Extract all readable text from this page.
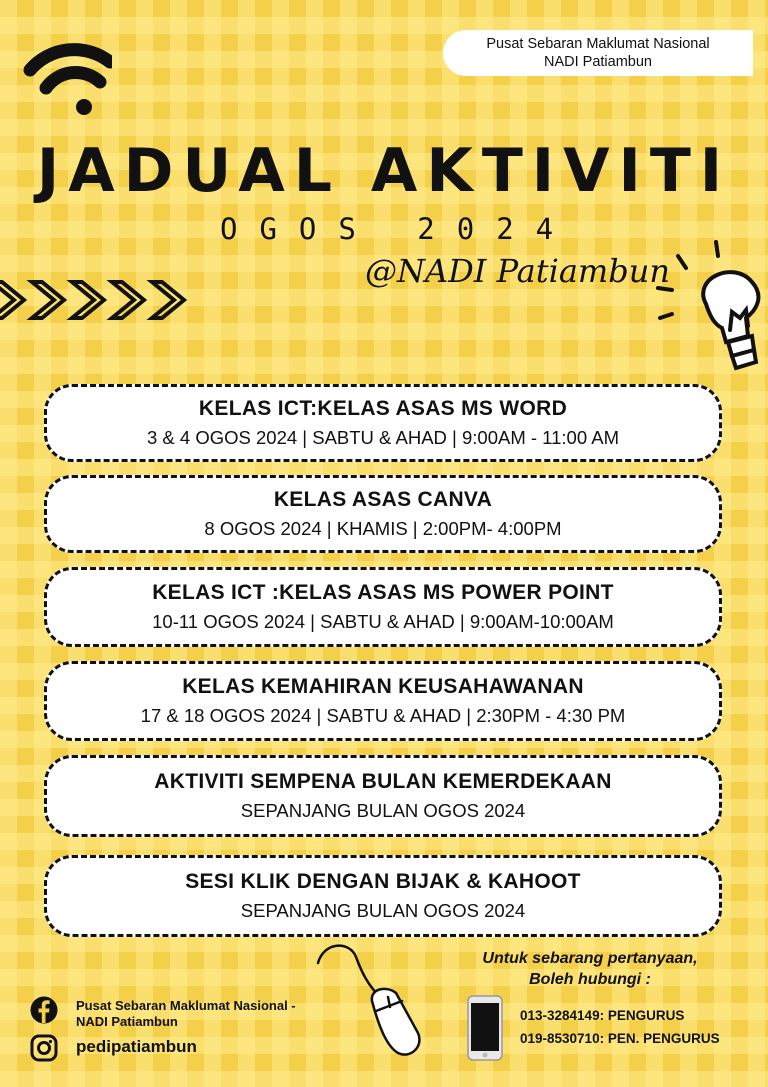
Pusat Sebaran Maklumat Nasional
NADI Patiambun
JADUAL AKTIVITI
OGOS 2024
@NADI Patiambun
KELAS ICT:KELAS ASAS MS WORD
3 & 4 OGOS 2024 | SABTU & AHAD | 9:00AM - 11:00 AM
KELAS ASAS CANVA
8 OGOS 2024 | KHAMIS | 2:00PM- 4:00PM
KELAS ICT :KELAS ASAS MS POWER POINT
10-11 OGOS 2024 | SABTU & AHAD | 9:00AM-10:00AM
KELAS KEMAHIRAN KEUSAHAWANAN
17 & 18 OGOS 2024 | SABTU & AHAD | 2:30PM - 4:30 PM
AKTIVITI SEMPENA BULAN KEMERDEKAAN
SEPANJANG BULAN OGOS 2024
SESI KLIK DENGAN BIJAK & KAHOOT
SEPANJANG BULAN OGOS 2024
Untuk sebarang pertanyaan,
Boleh hubungi :
013-3284149: PENGURUS
019-8530710: PEN. PENGURUS
Pusat Sebaran Maklumat Nasional -
NADI Patiambun
pedipatiambun
